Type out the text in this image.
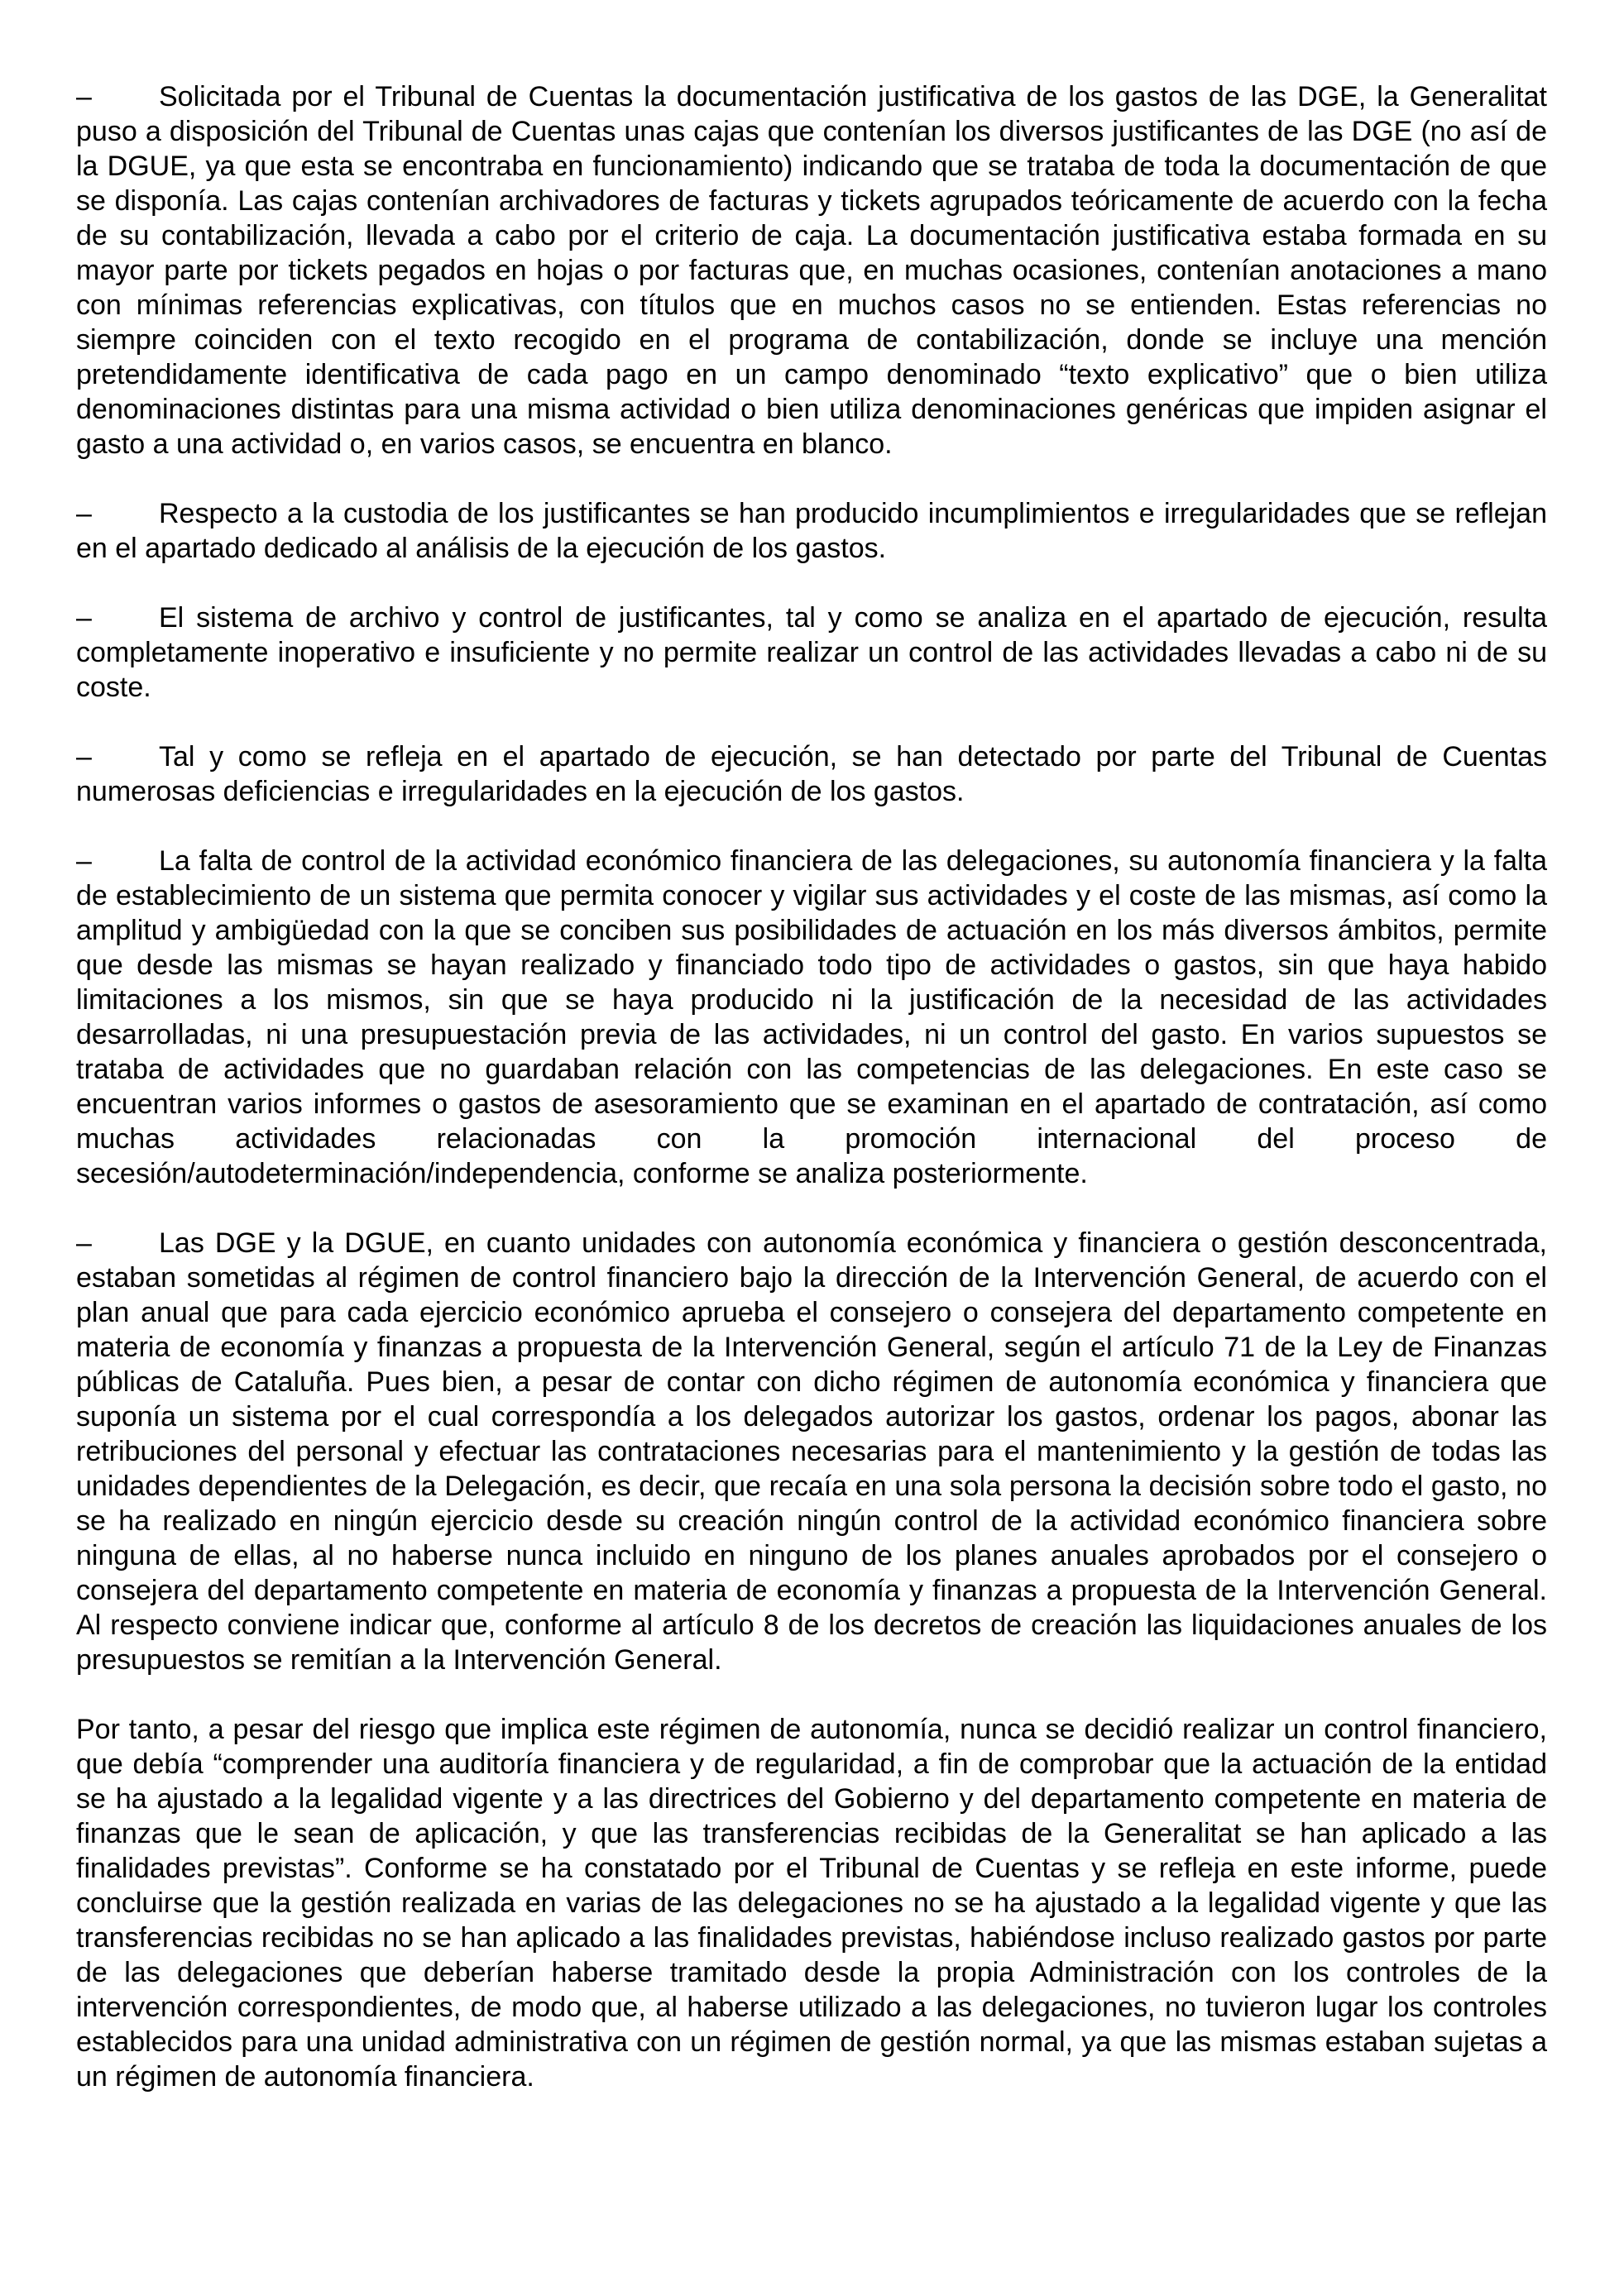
– Solicitada por el Tribunal de Cuentas la documentación justificativa de los gastos de las DGE, la Generalitat puso a disposición del Tribunal de Cuentas unas cajas que contenían los diversos justificantes de las DGE (no así de la DGUE, ya que esta se encontraba en funcionamiento) indicando que se trataba de toda la documentación de que se disponía. Las cajas contenían archivadores de facturas y tickets agrupados teóricamente de acuerdo con la fecha de su contabilización, llevada a cabo por el criterio de caja. La documentación justificativa estaba formada en su mayor parte por tickets pegados en hojas o por facturas que, en muchas ocasiones, contenían anotaciones a mano con mínimas referencias explicativas, con títulos que en muchos casos no se entienden. Estas referencias no siempre coinciden con el texto recogido en el programa de contabilización, donde se incluye una mención pretendidamente identificativa de cada pago en un campo denominado “texto explicativo” que o bien utiliza denominaciones distintas para una misma actividad o bien utiliza denominaciones genéricas que impiden asignar el gasto a una actividad o, en varios casos, se encuentra en blanco.

– Respecto a la custodia de los justificantes se han producido incumplimientos e irregularidades que se reflejan en el apartado dedicado al análisis de la ejecución de los gastos.

– El sistema de archivo y control de justificantes, tal y como se analiza en el apartado de ejecución, resulta completamente inoperativo e insuficiente y no permite realizar un control de las actividades llevadas a cabo ni de su coste.

– Tal y como se refleja en el apartado de ejecución, se han detectado por parte del Tribunal de Cuentas numerosas deficiencias e irregularidades en la ejecución de los gastos.

– La falta de control de la actividad económico financiera de las delegaciones, su autonomía financiera y la falta de establecimiento de un sistema que permita conocer y vigilar sus actividades y el coste de las mismas, así como la amplitud y ambigüedad con la que se conciben sus posibilidades de actuación en los más diversos ámbitos, permite que desde las mismas se hayan realizado y financiado todo tipo de actividades o gastos, sin que haya habido limitaciones a los mismos, sin que se haya producido ni la justificación de la necesidad de las actividades desarrolladas, ni una presupuestación previa de las actividades, ni un control del gasto. En varios supuestos se trataba de actividades que no guardaban relación con las competencias de las delegaciones. En este caso se encuentran varios informes o gastos de asesoramiento que se examinan en el apartado de contratación, así como muchas actividades relacionadas con la promoción internacional del proceso de secesión/autodeterminación/independencia, conforme se analiza posteriormente.

– Las DGE y la DGUE, en cuanto unidades con autonomía económica y financiera o gestión desconcentrada, estaban sometidas al régimen de control financiero bajo la dirección de la Intervención General, de acuerdo con el plan anual que para cada ejercicio económico aprueba el consejero o consejera del departamento competente en materia de economía y finanzas a propuesta de la Intervención General, según el artículo 71 de la Ley de Finanzas públicas de Cataluña. Pues bien, a pesar de contar con dicho régimen de autonomía económica y financiera que suponía un sistema por el cual correspondía a los delegados autorizar los gastos, ordenar los pagos, abonar las retribuciones del personal y efectuar las contrataciones necesarias para el mantenimiento y la gestión de todas las unidades dependientes de la Delegación, es decir, que recaía en una sola persona la decisión sobre todo el gasto, no se ha realizado en ningún ejercicio desde su creación ningún control de la actividad económico financiera sobre ninguna de ellas, al no haberse nunca incluido en ninguno de los planes anuales aprobados por el consejero o consejera del departamento competente en materia de economía y finanzas a propuesta de la Intervención General. Al respecto conviene indicar que, conforme al artículo 8 de los decretos de creación las liquidaciones anuales de los presupuestos se remitían a la Intervención General.

Por tanto, a pesar del riesgo que implica este régimen de autonomía, nunca se decidió realizar un control financiero, que debía “comprender una auditoría financiera y de regularidad, a fin de comprobar que la actuación de la entidad se ha ajustado a la legalidad vigente y a las directrices del Gobierno y del departamento competente en materia de finanzas que le sean de aplicación, y que las transferencias recibidas de la Generalitat se han aplicado a las finalidades previstas”. Conforme se ha constatado por el Tribunal de Cuentas y se refleja en este informe, puede concluirse que la gestión realizada en varias de las delegaciones no se ha ajustado a la legalidad vigente y que las transferencias recibidas no se han aplicado a las finalidades previstas, habiéndose incluso realizado gastos por parte de las delegaciones que deberían haberse tramitado desde la propia Administración con los controles de la intervención correspondientes, de modo que, al haberse utilizado a las delegaciones, no tuvieron lugar los controles establecidos para una unidad administrativa con un régimen de gestión normal, ya que las mismas estaban sujetas a un régimen de autonomía financiera.
